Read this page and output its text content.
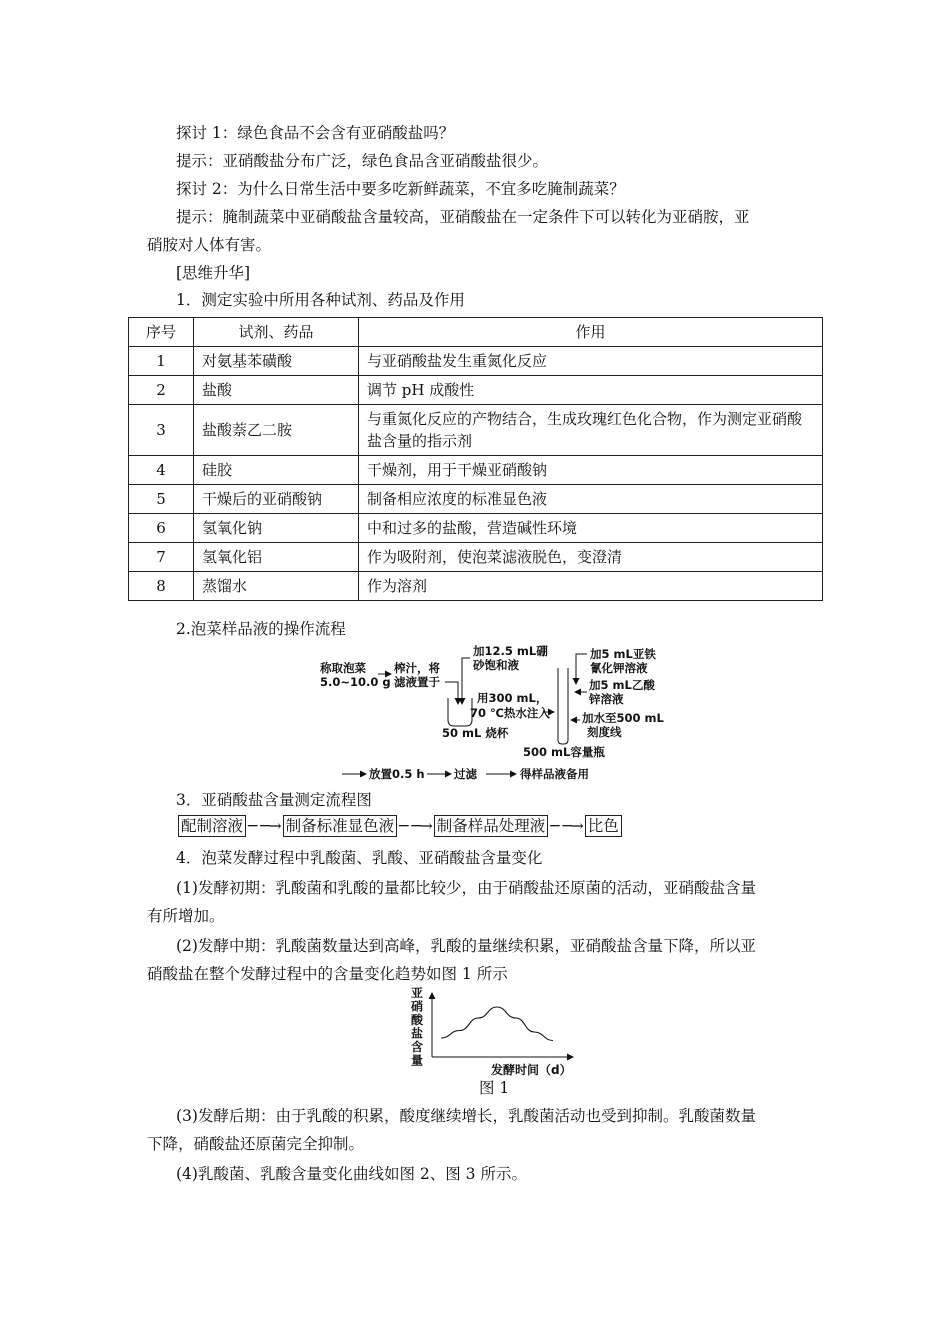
探讨 1：绿色食品不会含有亚硝酸盐吗？
提示：亚硝酸盐分布广泛，绿色食品含亚硝酸盐很少。
探讨 2：为什么日常生活中要多吃新鲜蔬菜，不宜多吃腌制蔬菜？
提示：腌制蔬菜中亚硝酸盐含量较高，亚硝酸盐在一定条件下可以转化为亚硝胺，亚
硝胺对人体有害。
[思维升华]
1．测定实验中所用各种试剂、药品及作用
序号	试剂、药品	作用
1	对氨基苯磺酸	与亚硝酸盐发生重氮化反应
2	盐酸	调节 pH 成酸性
3	盐酸萘乙二胺	与重氮化反应的产物结合，生成玫瑰红色化合物，作为测定亚硝酸盐含量的指示剂
4	硅胶	干燥剂，用于干燥亚硝酸钠
5	干燥后的亚硝酸钠	制备相应浓度的标准显色液
6	氢氧化钠	中和过多的盐酸，营造碱性环境
7	氢氧化铝	作为吸附剂，使泡菜滤液脱色，变澄清
8	蒸馏水	作为溶剂
2.泡菜样品液的操作流程
称取泡菜
5.0~10.0 g
榨汁，将
滤液置于
加12.5 mL硼
砂饱和液
用300 mL，
70 ℃热水注入
50 mL 烧杯
加5 mL亚铁
氰化钾溶液
加5 mL乙酸
锌溶液
加水至500 mL
刻度线
500 mL容量瓶
放置0.5 h	过滤	得样品液备用
3．亚硝酸盐含量测定流程图
配制溶液 ─ ─→ 制备标准显色液 ─ ─→ 制备样品处理液 ─ ─→ 比色
4．泡菜发酵过程中乳酸菌、乳酸、亚硝酸盐含量变化
(1)发酵初期：乳酸菌和乳酸的量都比较少，由于硝酸盐还原菌的活动，亚硝酸盐含量
有所增加。
(2)发酵中期：乳酸菌数量达到高峰，乳酸的量继续积累，亚硝酸盐含量下降，所以亚
硝酸盐在整个发酵过程中的含量变化趋势如图 1 所示
亚
硝
酸
盐
含
量
发酵时间（d）
图 1
(3)发酵后期：由于乳酸的积累，酸度继续增长，乳酸菌活动也受到抑制。乳酸菌数量
下降，硝酸盐还原菌完全抑制。
(4)乳酸菌、乳酸含量变化曲线如图 2、图 3 所示。
